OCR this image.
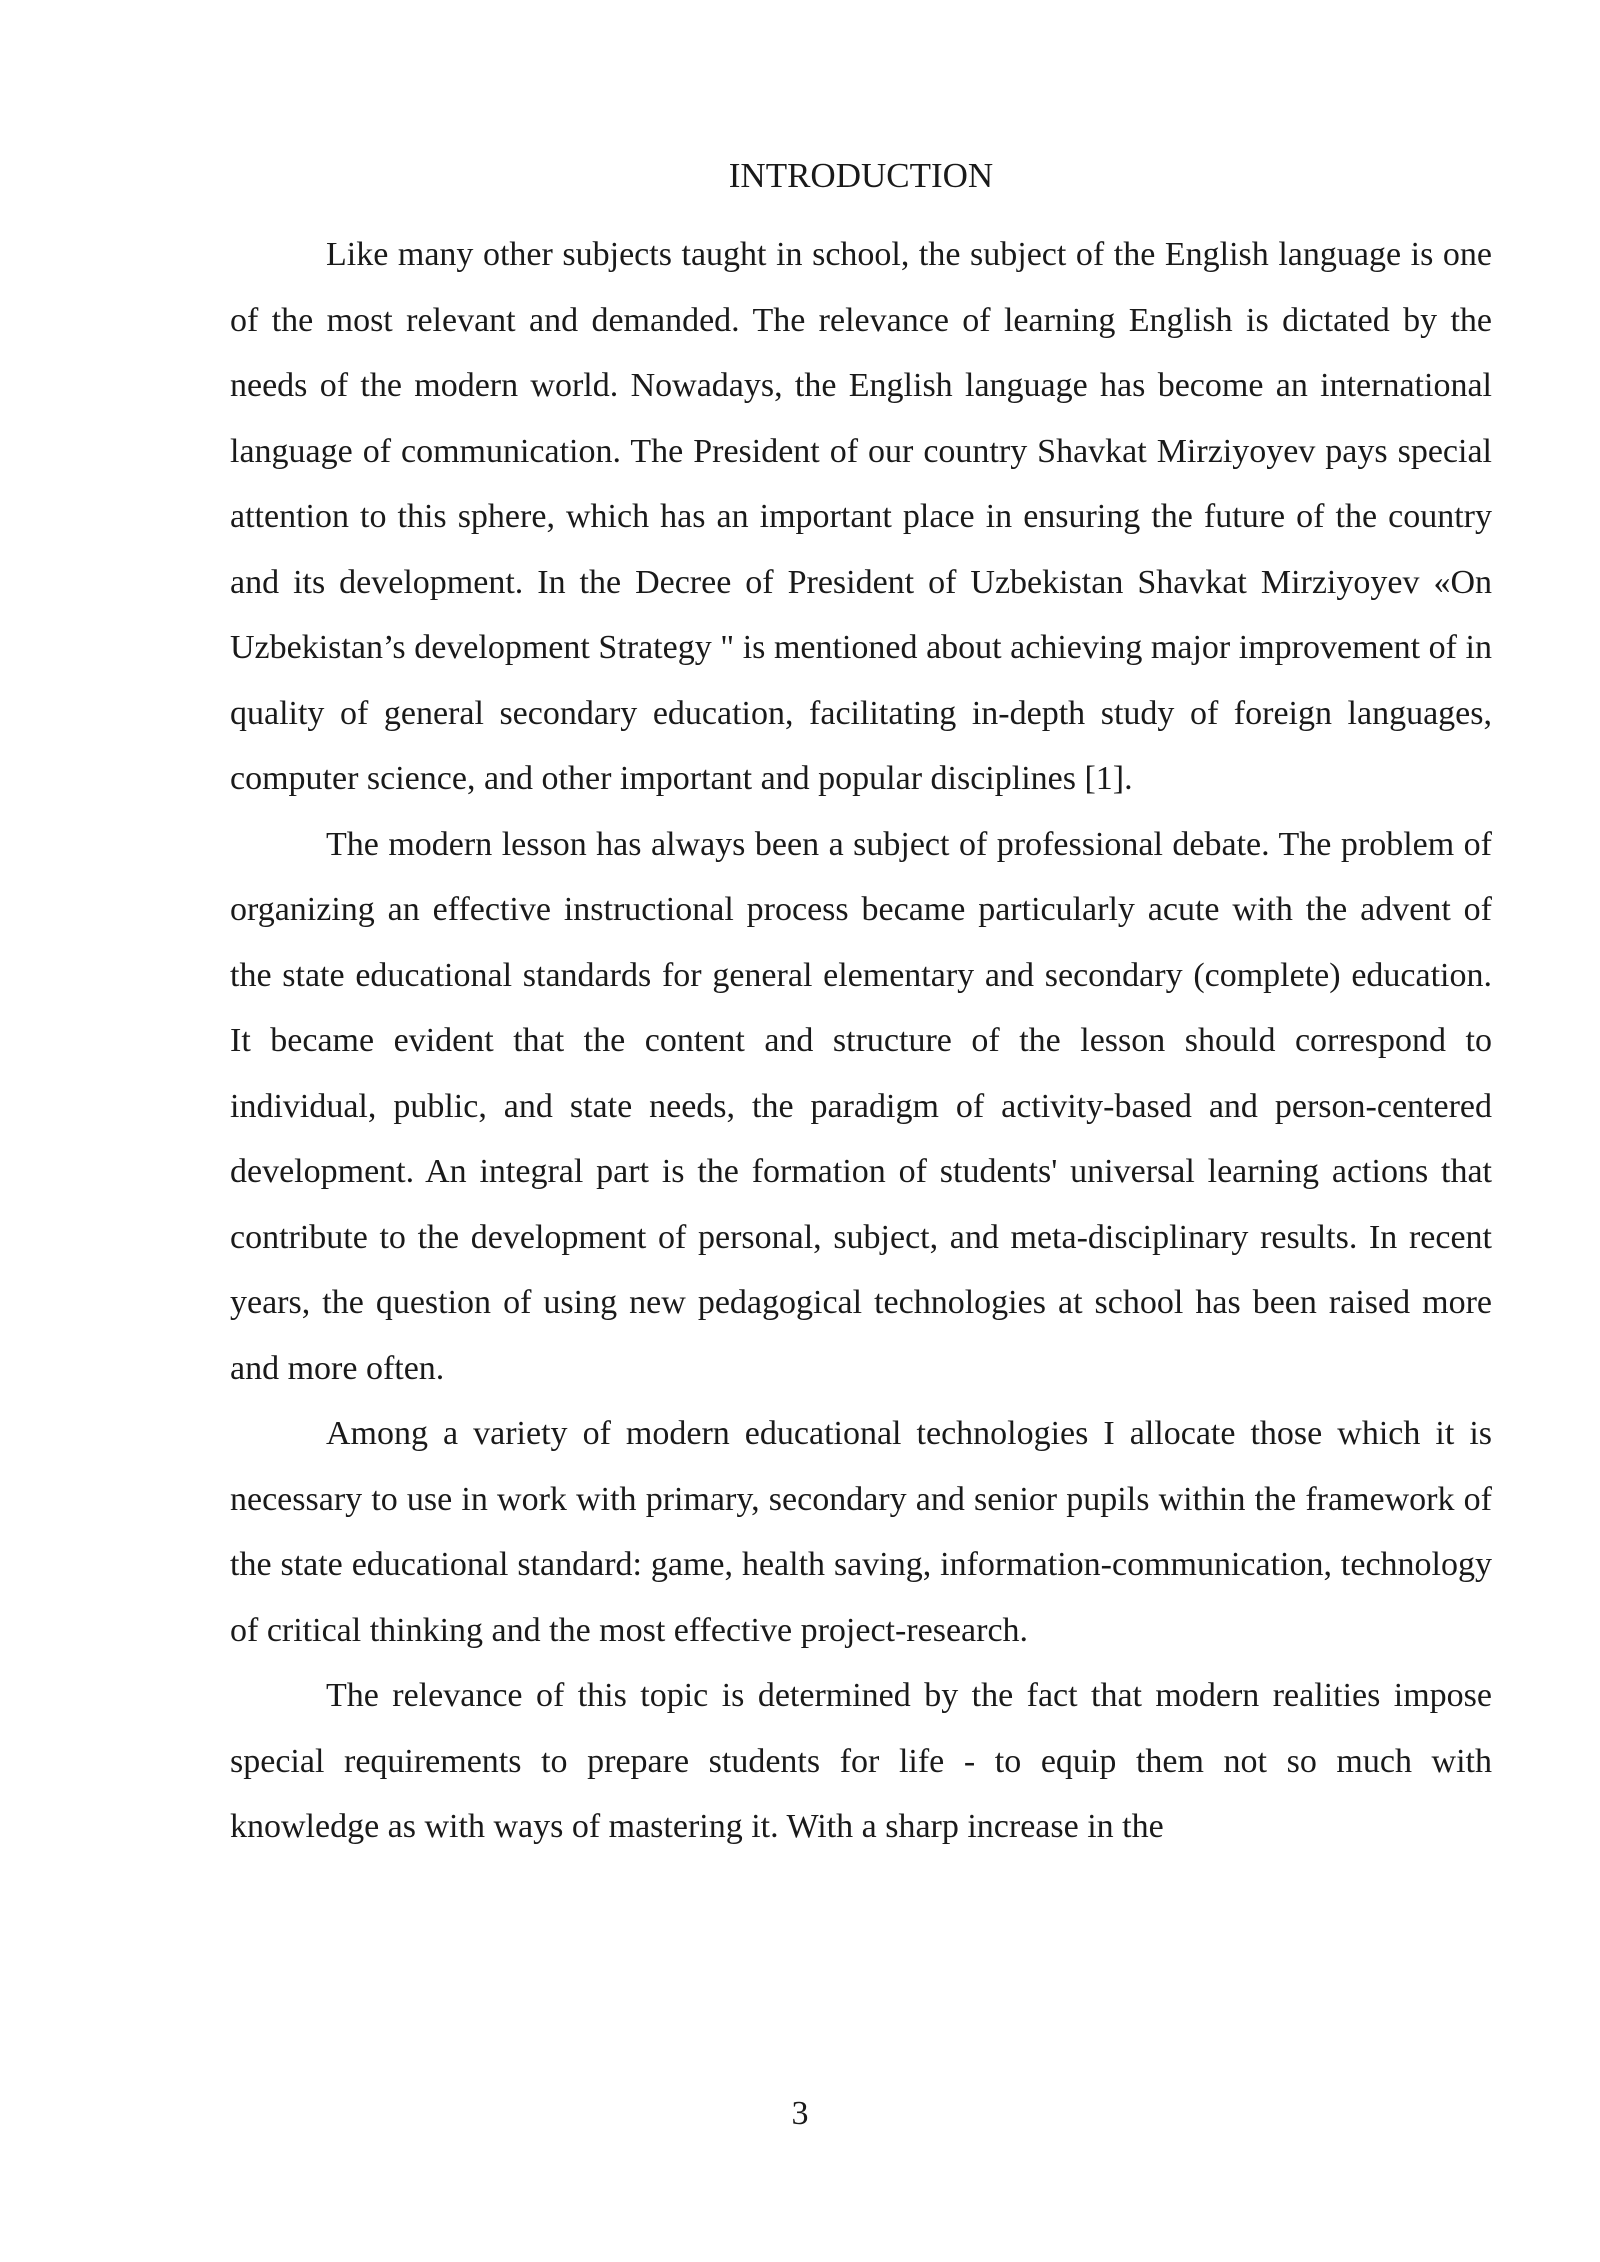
INTRODUCTION

Like many other subjects taught in school, the subject of the English language is one of the most relevant and demanded. The relevance of learning English is dictated by the needs of the modern world. Nowadays, the English language has become an international language of communication. The President of our country Shavkat Mirziyoyev pays special attention to this sphere, which has an important place in ensuring the future of the country and its development. In the Decree of President of Uzbekistan Shavkat Mirziyoyev «On Uzbekistan’s development Strategy " is mentioned about achieving major improvement of in quality of general secondary education, facilitating in-depth study of foreign languages, computer science, and other important and popular disciplines [1].

The modern lesson has always been a subject of professional debate. The problem of organizing an effective instructional process became particularly acute with the advent of the state educational standards for general elementary and secondary (complete) education. It became evident that the content and structure of the lesson should correspond to individual, public, and state needs, the paradigm of activity-based and person-centered development. An integral part is the formation of students' universal learning actions that contribute to the development of personal, subject, and meta-disciplinary results. In recent years, the question of using new pedagogical technologies at school has been raised more and more often.

Among a variety of modern educational technologies I allocate those which it is necessary to use in work with primary, secondary and senior pupils within the framework of the state educational standard: game, health saving, information-communication, technology of critical thinking and the most effective project-research.

The relevance of this topic is determined by the fact that modern realities impose special requirements to prepare students for life - to equip them not so much with knowledge as with ways of mastering it. With a sharp increase in the

3
